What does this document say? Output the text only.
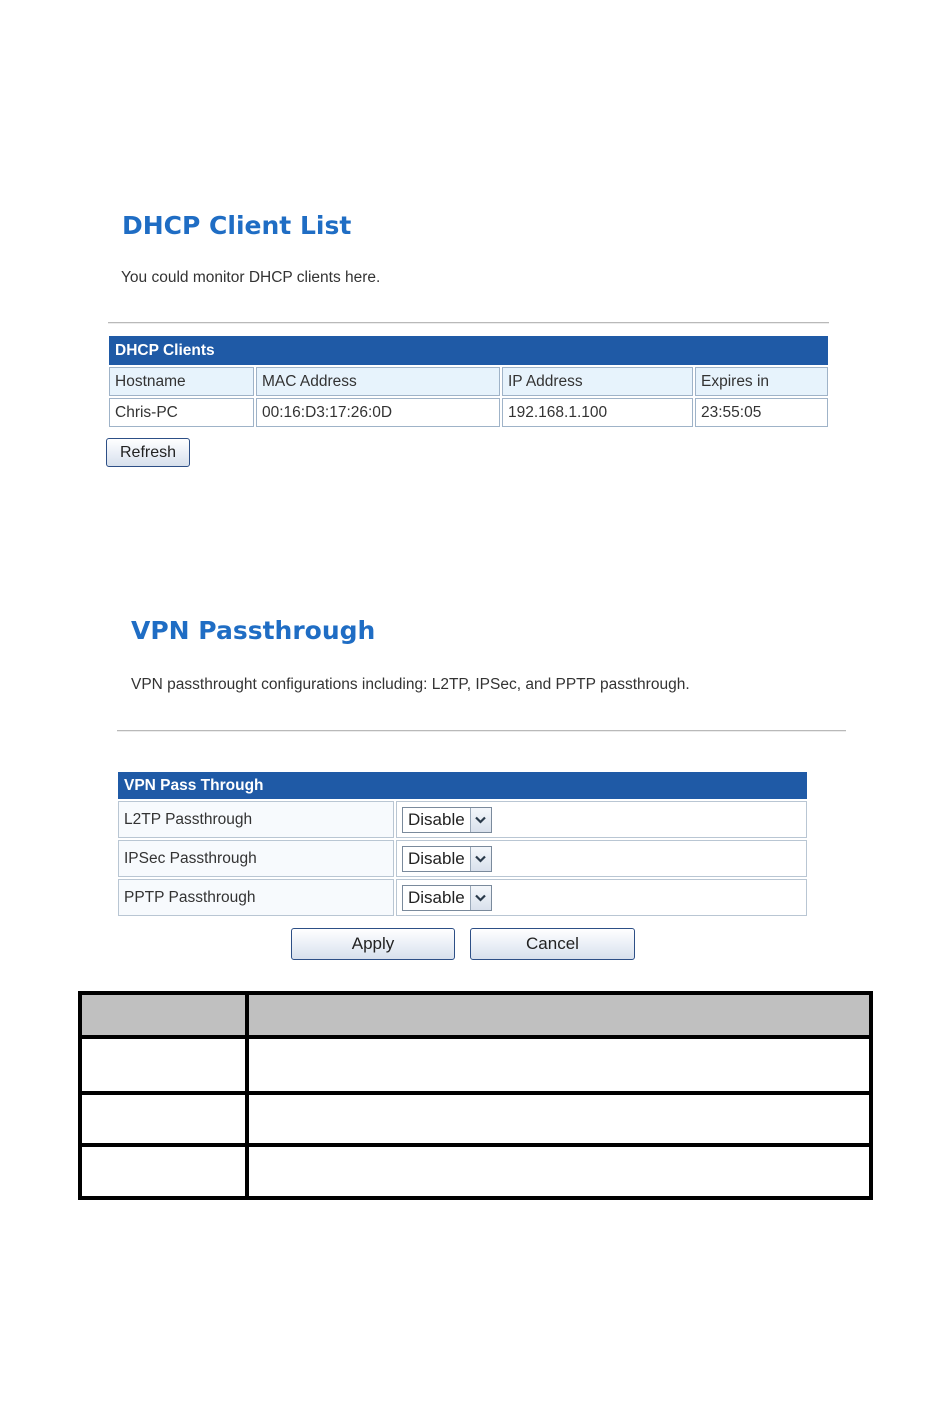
DHCP Client List

You could monitor DHCP clients here.

DHCP Clients			
Hostname	MAC Address	IP Address	Expires in
Chris-PC	00:16:D3:17:26:0D	192.168.1.100	23:55:05
Refresh
VPN Passthrough

VPN passthrought configurations including: L2TP, IPSec, and PPTP passthrough.

VPN Pass Through	
L2TP Passthrough	Disable

IPSec Passthrough	Disable

PPTP Passthrough	Disable
Apply	Cancel
